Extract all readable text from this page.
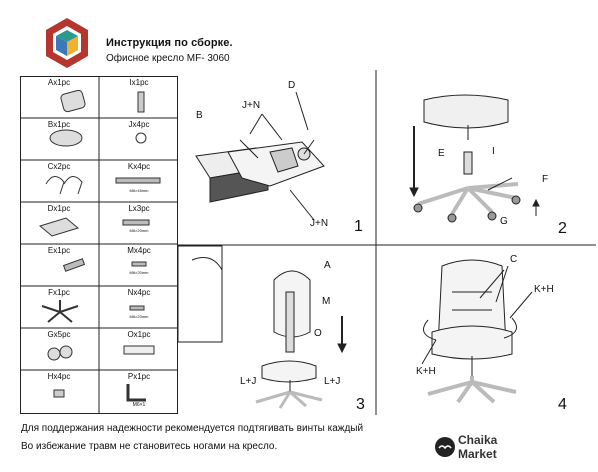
Инструкция по сборке.
Офисное кресло MF- 3060
Ax1pc	Ix1pc
Bx1pc	Jx4pc
Cx2pc	Kx4pc
Dx1pc	Lx3pc
Ex1pc	Mx4pc
Fx1pc	Nx4pc
Gx5pc	Ox1pc
Hx4pc	Px1pc
M6×45mm
M6×20mm
M6×20mm
M6×20mm
M6×1
B
J+N
D
J+N 1
E	I
F
G	2
A
M
O
L+J	L+J
3
C
K+H
K+H
4
Для поддержания надежности рекомендуется подтягивать винты каждый
Во избежание травм не становитесь ногами на кресло.	Chaika
Market
